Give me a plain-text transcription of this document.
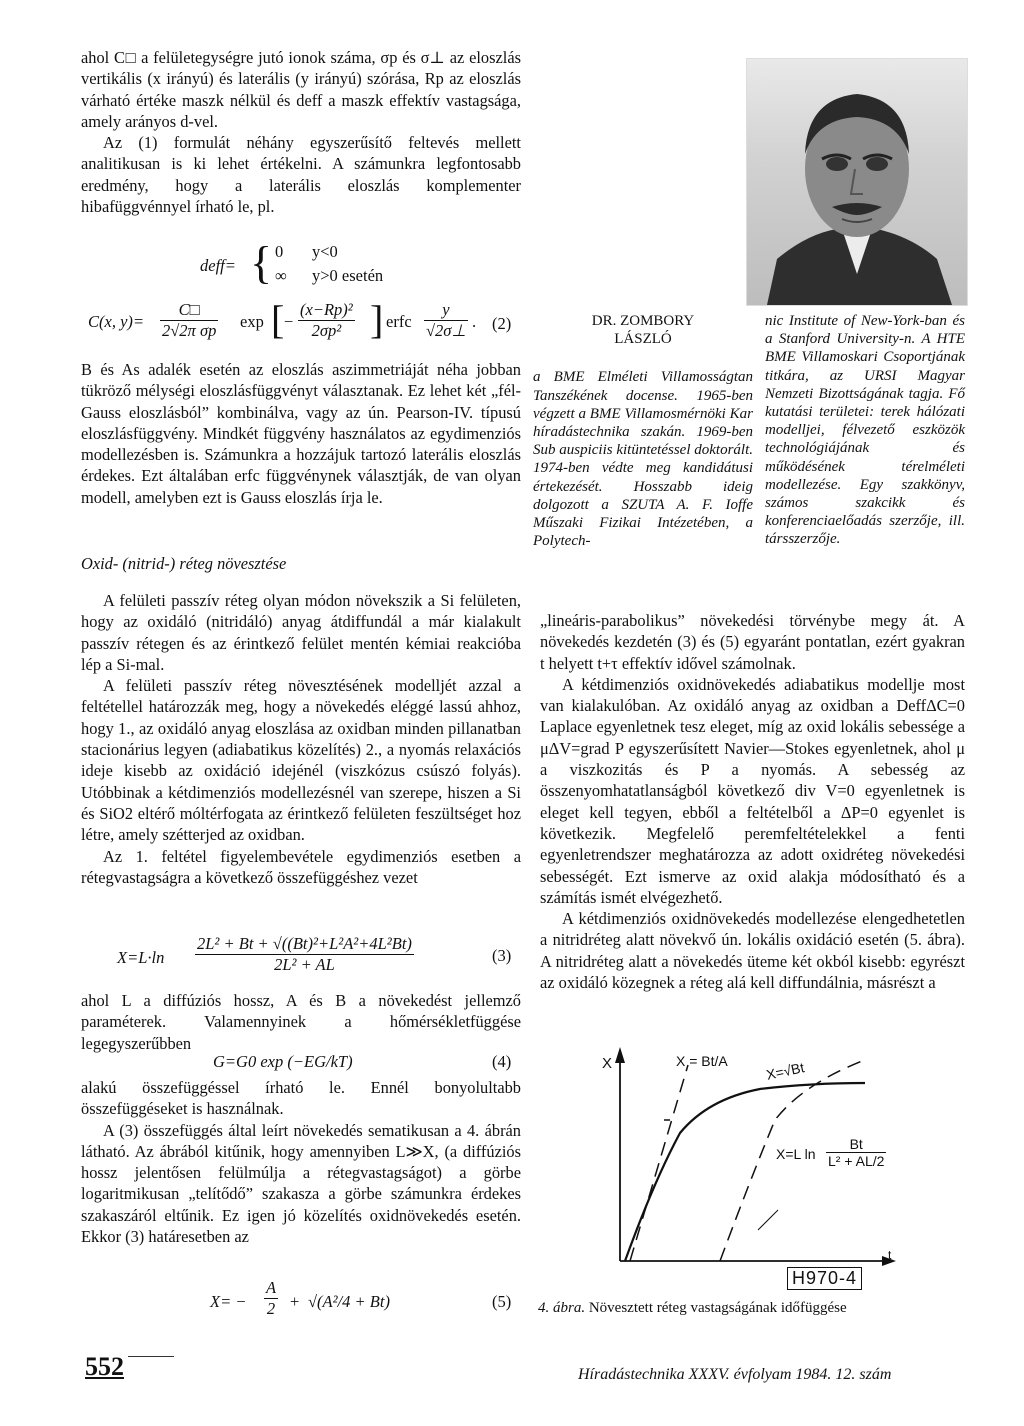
ahol C□ a felületegységre jutó ionok száma, σp és σ⊥ az eloszlás vertikális (x irányú) és laterális (y irányú) szórása, Rp az eloszlás várható értéke maszk nélkül és deff a maszk effektív vastagsága, amely arányos d-vel.

Az (1) formulát néhány egyszerűsítő feltevés mellett analitikusan is ki lehet értékelni. A számunkra legfontosabb eredmény, hogy a laterális eloszlás komplementer hibafüggvénnyel írható le, pl.

deff= { 0 y<0
∞ y>0 esetén
C(x, $y)= \frac{C□}{\text{2√2π σp}}$ exp [ − $\frac{\text{(x−Rp)²}}{\text{2σp²}}$ ] erfc $\frac{y}{√2\sigma\perp}$ . (2)

B és As adalék esetén az eloszlás aszimmetriáját néha jobban tükröző mélységi eloszlásfüggvényt választanak. Ez lehet két „fél-Gauss eloszlásból” kombinálva, vagy az ún. Pearson-IV. típusú eloszlásfüggvény. Mindkét függvény használatos az egydimenziós modellezésben is. Számunkra a hozzájuk tartozó laterális eloszlás érdekes. Ezt általában erfc függvénynek választják, de van olyan modell, amelyben ezt is Gauss eloszlás írja le.

Oxid- (nitrid-) réteg növesztése

A felületi passzív réteg olyan módon növekszik a Si felületen, hogy az oxidáló (nitridáló) anyag átdiffundál a már kialakult passzív rétegen és az érintkező felület mentén kémiai reakcióba lép a Si-mal.

A felületi passzív réteg növesztésének modelljét azzal a feltétellel határozzák meg, hogy a növekedés eléggé lassú ahhoz, hogy 1., az oxidáló anyag eloszlása az oxidban minden pillanatban stacionárius legyen (adiabatikus közelítés) 2., a nyomás relaxációs ideje kisebb az oxidáció idejénél (viszkózus csúszó folyás). Utóbbinak a kétdimenziós modellezésnél van szerepe, hiszen a Si és SiO2 eltérő móltérfogata az érintkező felületen feszültséget hoz létre, amely szétterjed az oxidban.

Az 1. feltétel figyelembevétele egydimenziós esetben a rétegvastagságra a következő összefüggéshez vezet

X=L·ln	$\frac{\text{2L² + Bt + √((Bt)²+L²A²+4L²Bt)}}{\text{2L² + AL}}$	(3)

ahol L a diffúziós hossz, A és B a növekedést jellemző paraméterek. Valamennyinek a hőmérsékletfüggése legegyszerűbben

G=G0 exp (−EG/kT)	(4)

alakú összefüggéssel írható le. Ennél bonyolultabb összefüggéseket is használnak.

A (3) összefüggés által leírt növekedés sematikusan a 4. ábrán látható. Az ábrából kitűnik, hogy amennyiben L≫X, (a diffúziós hossz jelentősen felülmúlja a rétegvastagságot) a görbe logaritmikusan „telítődő” szakasza a görbe számunkra érdekes szakaszáról eltűnik. Ez igen jó közelítés oxidnövekedés esetén. Ekkor (3) határesetben az

X= −	$\frac{A}{2} + √(A^2/4 + Bt)$	(5)

DR. ZOMBORY

LÁSZLÓ

a BME Elméleti Villamosságtan Tanszékének docense. 1965-ben végzett a BME Villamosmérnöki Kar híradástechnika szakán. 1969-ben Sub auspiciis kitüntetéssel doktorált. 1974-ben védte meg kandidátusi értekezését. Hosszabb ideig dolgozott a SZUTA A. F. Ioffe Műszaki Fizikai Intézetében, a Polytech-

nic Institute of New-York-ban és a Stanford University-n. A HTE BME Villamoskari Csoportjának titkára, az URSI Magyar Nemzeti Bizottságának tagja. Fő kutatási területei: terek hálózati modelljei, félvezető eszközök technológiájának és működésének térelméleti modellezése. Egy szakkönyv, számos szakcikk és konferenciaelőadás szerzője, ill. társszerzője.

„lineáris-parabolikus” növekedési törvénybe megy át. A növekedés kezdetén (3) és (5) egyaránt pontatlan, ezért gyakran t helyett t+τ effektív idővel számolnak.

A kétdimenziós oxidnövekedés adiabatikus modellje most van kialakulóban. Az oxidáló anyag az oxidban a DeffΔC=0 Laplace egyenletnek tesz eleget, míg az oxid lokális sebessége a μΔV=grad P egyszerűsített Navier—Stokes egyenletnek, ahol μ a viszkozitás és P a nyomás. A sebesség az összenyomhatatlanságból következő div V=0 egyenletnek is eleget kell tegyen, ebből a feltételből a ΔP=0 egyenlet is következik. Megfelelő peremfeltételekkel a fenti egyenletrendszer meghatározza az adott oxidréteg növekedési sebességét. Ezt ismerve az oxid alakja módosítható és a számítás ismét elvégezhető.

A kétdimenziós oxidnövekedés modellezése elengedhetetlen a nitridréteg alatt növekvő ún. lokális oxidáció esetén (5. ábra). A nitridréteg alatt a növekedés üteme két okból kisebb: egyrészt az oxidáló közegnek a réteg alá kell diffundálnia, másrészt a

X
t
X = Bt/A	X=√Bt
X=L $\ln \frac{Bt}{\text{L² + AL/2}}$
H970-4
4. ábra. Növesztett réteg vastagságának időfüggése
552	Híradástechnika XXXV. évfolyam 1984. 12. szám
